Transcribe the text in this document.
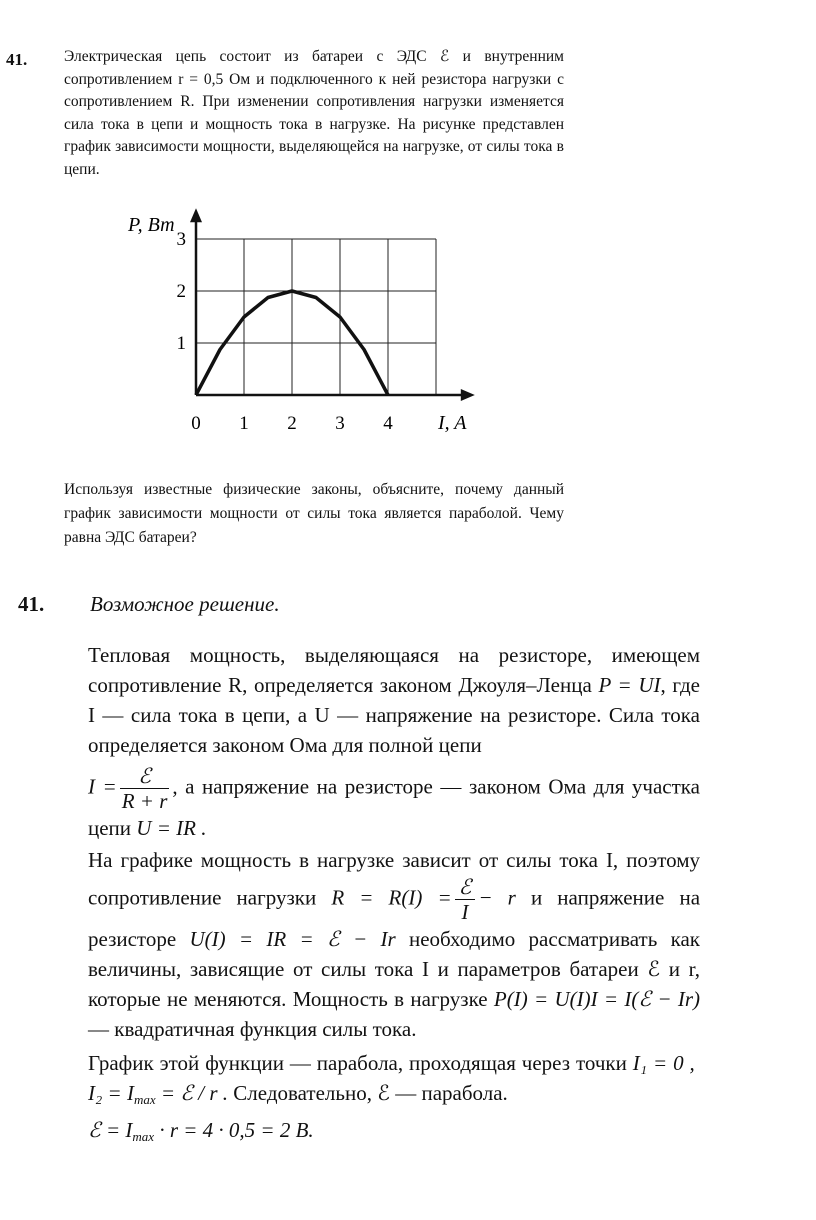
41. Электрическая цепь состоит из батареи с ЭДС ℰ и внутренним сопротивлением r = 0,5 Ом и подключенного к ней резистора нагрузки с сопротивлением R. При изменении сопротивления нагрузки изменяется сила тока в цепи и мощность тока в нагрузке. На рисунке представлен график зависимости мощности, выделяющейся на нагрузке, от силы тока в цепи.

0 1 2 3 4
1
2
3
I, A
P, Вт
Используя известные физические законы, объясните, почему данный график зависимости мощности от силы тока является параболой. Чему равна ЭДС батареи?
41. Возможное решение.

Тепловая мощность, выделяющаяся на резисторе, имеющем сопротивление R, определяется законом Джоуля–Ленца P = UI, где I — сила тока в цепи, а U — напряжение на резисторе. Сила тока определяется законом Ома для полной цепи

$I = \frac{\text{ℰ}}{R + r}$ , а напряжение на резисторе — законом Ома для участка цепи U = IR .

На графике мощность в нагрузке зависит от силы тока I, поэтому сопротивление нагрузки $R = R(I) = \frac{\text{ℰ}}{I} - r$ и напряжение на резисторе U(I) = IR = ℰ − Ir необходимо рассматривать как величины, зависящие от силы тока I и параметров батареи ℰ и r, которые не меняются. Мощность в нагрузке P(I) = U(I)I = I(ℰ − Ir) — квадратичная функция силы тока.

График этой функции — парабола, проходящая через точки I₁ = 0 ,  $I_2 = I_{max}$ = ℰ / r . Следовательно, ℰ — парабола.
ℰ = $I_{max} \cdot r = 4 \cdot 0,5 = 2$ В.
